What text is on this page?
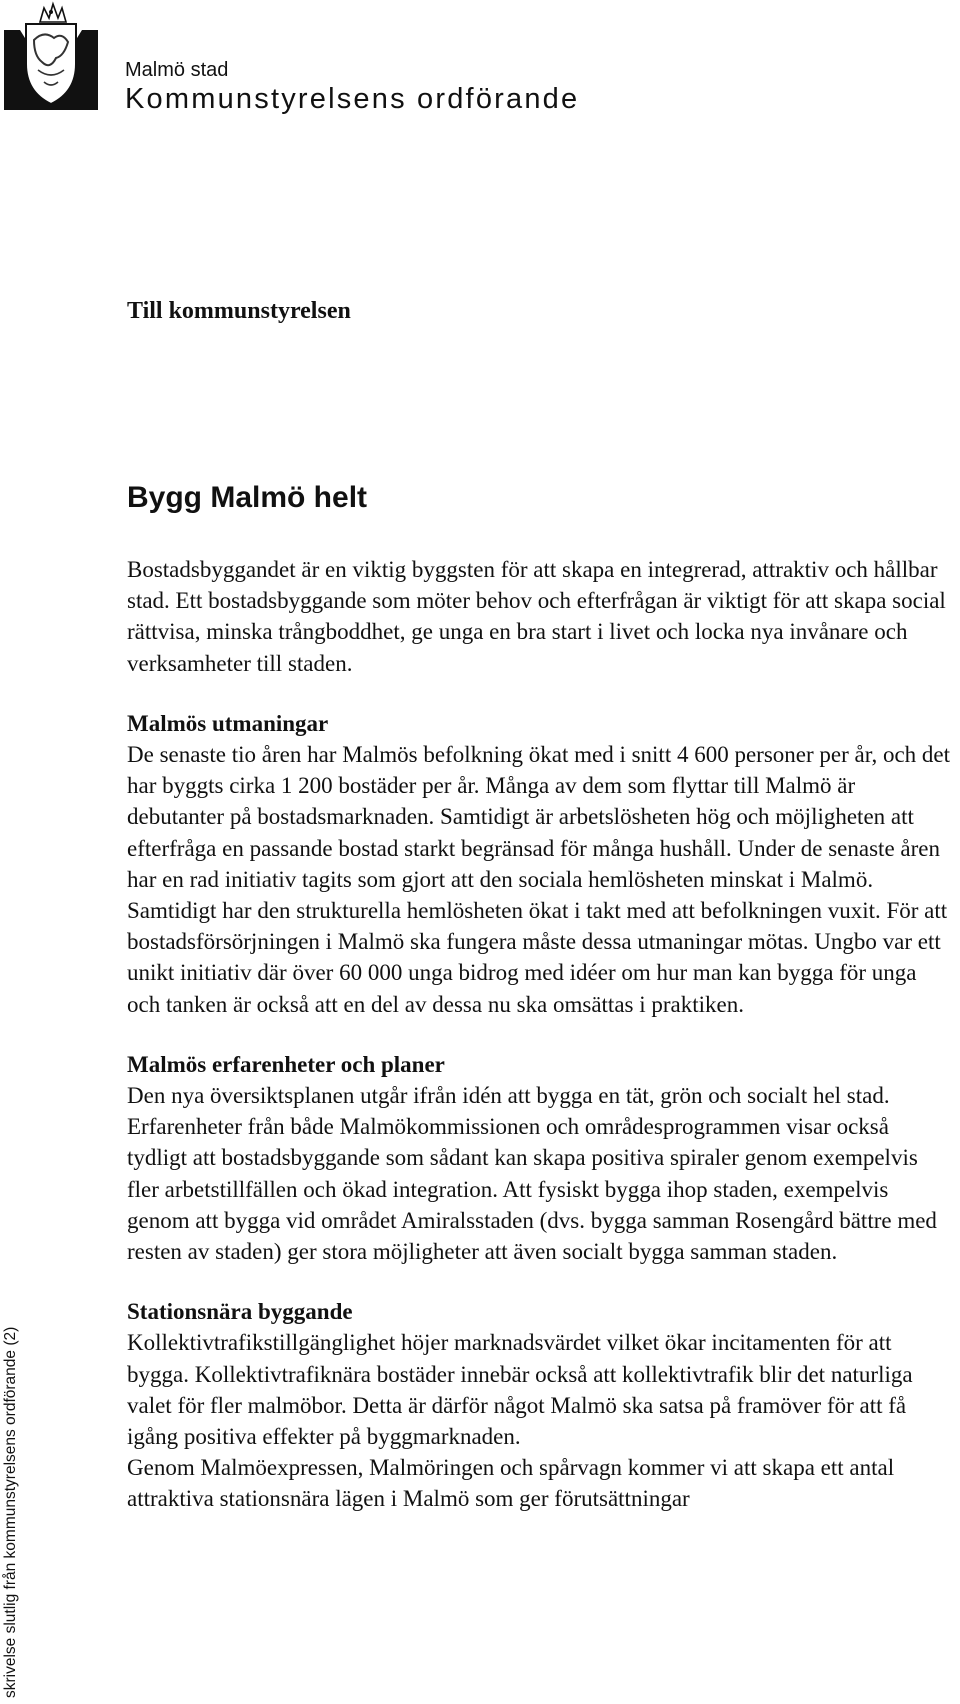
Malmö stad
Kommunstyrelsens ordförande
Till kommunstyrelsen
Bygg Malmö helt

Bostadsbyggandet är en viktig byggsten för att skapa en integrerad, attraktiv och hållbar stad. Ett bostadsbyggande som möter behov och efterfrågan är viktigt för att skapa social rättvisa, minska trångboddhet, ge unga en bra start i livet och locka nya invånare och verksamheter till staden.

Malmös utmaningar

De senaste tio åren har Malmös befolkning ökat med i snitt 4 600 personer per år, och det har byggts cirka 1 200 bostäder per år. Många av dem som flyttar till Malmö är debutanter på bostadsmarknaden. Samtidigt är arbetslösheten hög och möjligheten att efterfråga en passande bostad starkt begränsad för många hushåll. Under de senaste åren har en rad initiativ tagits som gjort att den sociala hemlösheten minskat i Malmö. Samtidigt har den strukturella hemlösheten ökat i takt med att befolkningen vuxit. För att bostadsförsörjningen i Malmö ska fungera måste dessa utmaningar mötas. Ungbo var ett unikt initiativ där över 60 000 unga bidrog med idéer om hur man kan bygga för unga och tanken är också att en del av dessa nu ska omsättas i praktiken.

Malmös erfarenheter och planer

Den nya översiktsplanen utgår ifrån idén att bygga en tät, grön och socialt hel stad. Erfarenheter från både Malmökommissionen och områdesprogrammen visar också tydligt att bostadsbyggande som sådant kan skapa positiva spiraler genom exempelvis fler arbetstillfällen och ökad integration. Att fysiskt bygga ihop staden, exempelvis genom att bygga vid området Amiralsstaden (dvs. bygga samman Rosengård bättre med resten av staden) ger stora möjligheter att även socialt bygga samman staden.

Stationsnära byggande

Kollektivtrafikstillgänglighet höjer marknadsvärdet vilket ökar incitamenten för att bygga. Kollektivtrafiknära bostäder innebär också att kollektivtrafik blir det naturliga valet för fler malmöbor. Detta är därför något Malmö ska satsa på framöver för att få igång positiva effekter på byggmarknaden.

Genom Malmöexpressen, Malmöringen och spårvagn kommer vi att skapa ett antal attraktiva stationsnära lägen i Malmö som ger förutsättningar

skrivelse slutlig från kommunstyrelsens ordförande (2)
